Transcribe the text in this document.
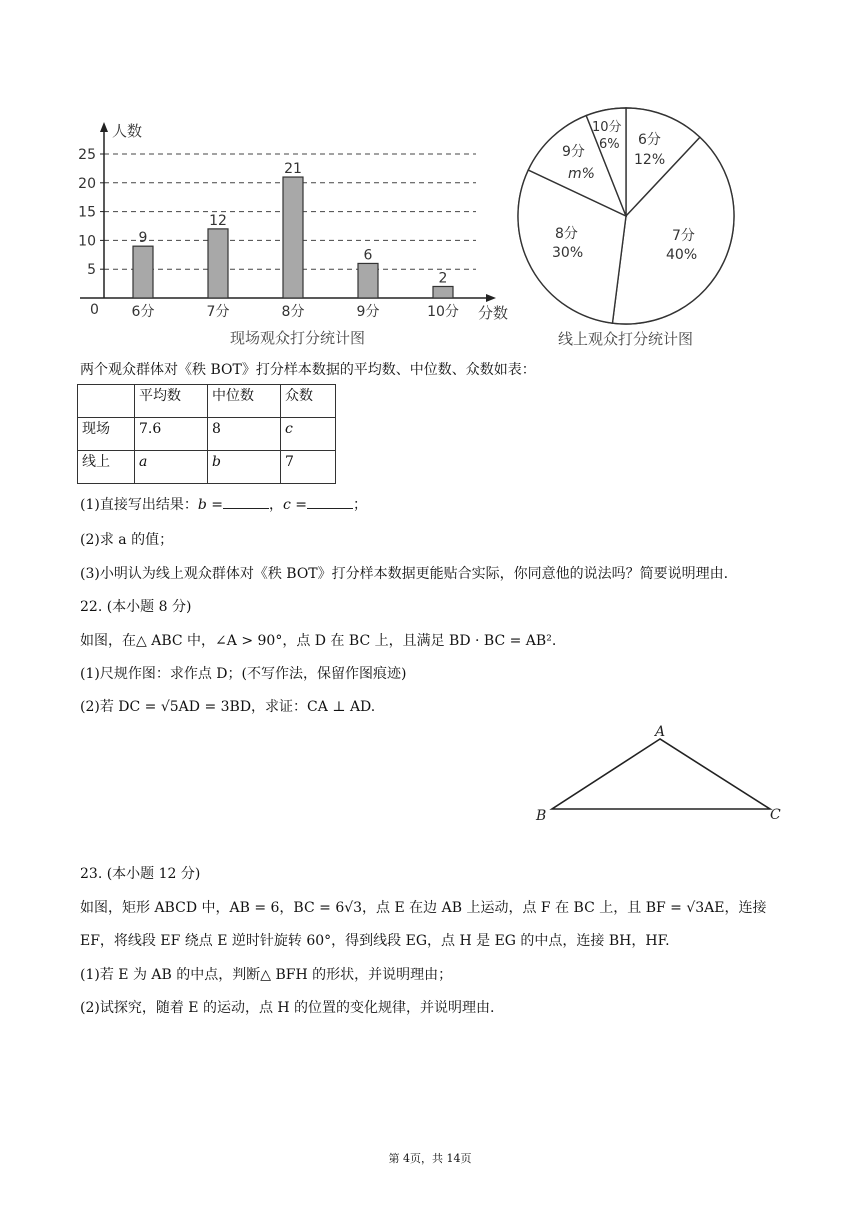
5
10
15
20
25
9
6分
12
7分
21
8分
6
9分
2
10分
人数
分数
0
现场观众打分统计图
10分
6% 6分
12%
9分
m%
8分
30%
7分
40%
线上观众打分统计图
两个观众群体对《秩 BOT》打分样本数据的平均数、中位数、众数如表：
	平均数	中位数	众数
现场	7.6	8	c
线上	a	b	7
(1)直接写出结果：b =	，c =	；
(2)求 a 的值；
(3)小明认为线上观众群体对《秩 BOT》打分样本数据更能贴合实际，你同意他的说法吗？简要说明理由.
22. (本小题 8 分)
如图，在△ ABC 中，∠A > 90°，点 D 在 BC 上，且满足 BD · BC = AB².
(1)尺规作图：求作点 D；(不写作法，保留作图痕迹)
(2)若 DC = √5AD = 3BD，求证：CA ⊥ AD.
A
B	C
23. (本小题 12 分)
如图，矩形 ABCD 中，AB = 6，BC = 6√3，点 E 在边 AB 上运动，点 F 在 BC 上，且 BF = √3AE，连接
EF，将线段 EF 绕点 E 逆时针旋转 60°，得到线段 EG，点 H 是 EG 的中点，连接 BH，HF.
(1)若 E 为 AB 的中点，判断△ BFH 的形状，并说明理由；
(2)试探究，随着 E 的运动，点 H 的位置的变化规律，并说明理由.
第 4页，共 14页
